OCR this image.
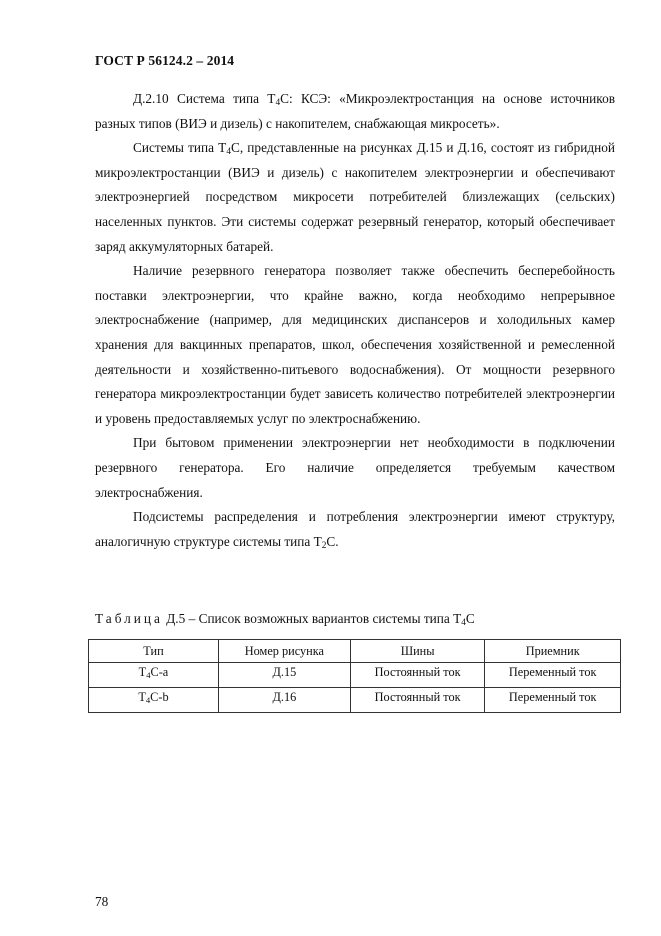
ГОСТ Р 56124.2 – 2014

Д.2.10 Система типа $Т_4С$: КСЭ: «Микроэлектростанция на основе источников разных типов (ВИЭ и дизель) с накопителем, снабжающая микросеть».

Системы типа $Т_4С$, представленные на рисунках Д.15 и Д.16, состоят из гибридной микроэлектростанции (ВИЭ и дизель) с накопителем электроэнергии и обеспечивают электроэнергией посредством микросети потребителей близлежащих (сельских) населенных пунктов. Эти системы содержат резервный генератор, который обеспечивает заряд аккумуляторных батарей.

Наличие резервного генератора позволяет также обеспечить бесперебойность поставки электроэнергии, что крайне важно, когда необходимо непрерывное электроснабжение (например, для медицинских диспансеров и холодильных камер хранения для вакцинных препаратов, школ, обеспечения хозяйственной и ремесленной деятельности и хозяйственно-питьевого водоснабжения). От мощности резервного генератора микроэлектростанции будет зависеть количество потребителей электроэнергии и уровень предоставляемых услуг по электроснабжению.

При бытовом применении электроэнергии нет необходимости в подключении резервного генератора. Его наличие определяется требуемым качеством электроснабжения.

Подсистемы распределения и потребления электроэнергии имеют структуру, аналогичную структуре системы типа $Т_2С$.

Таблица Д.5 – Список возможных вариантов системы типа $Т_4С$
Тип	Номер рисунка	Шины	Приемник
$Т_4С-а$	Д.15	Постоянный ток	Переменный ток
$Т_4С-b$	Д.16	Постоянный ток	Переменный ток
78
